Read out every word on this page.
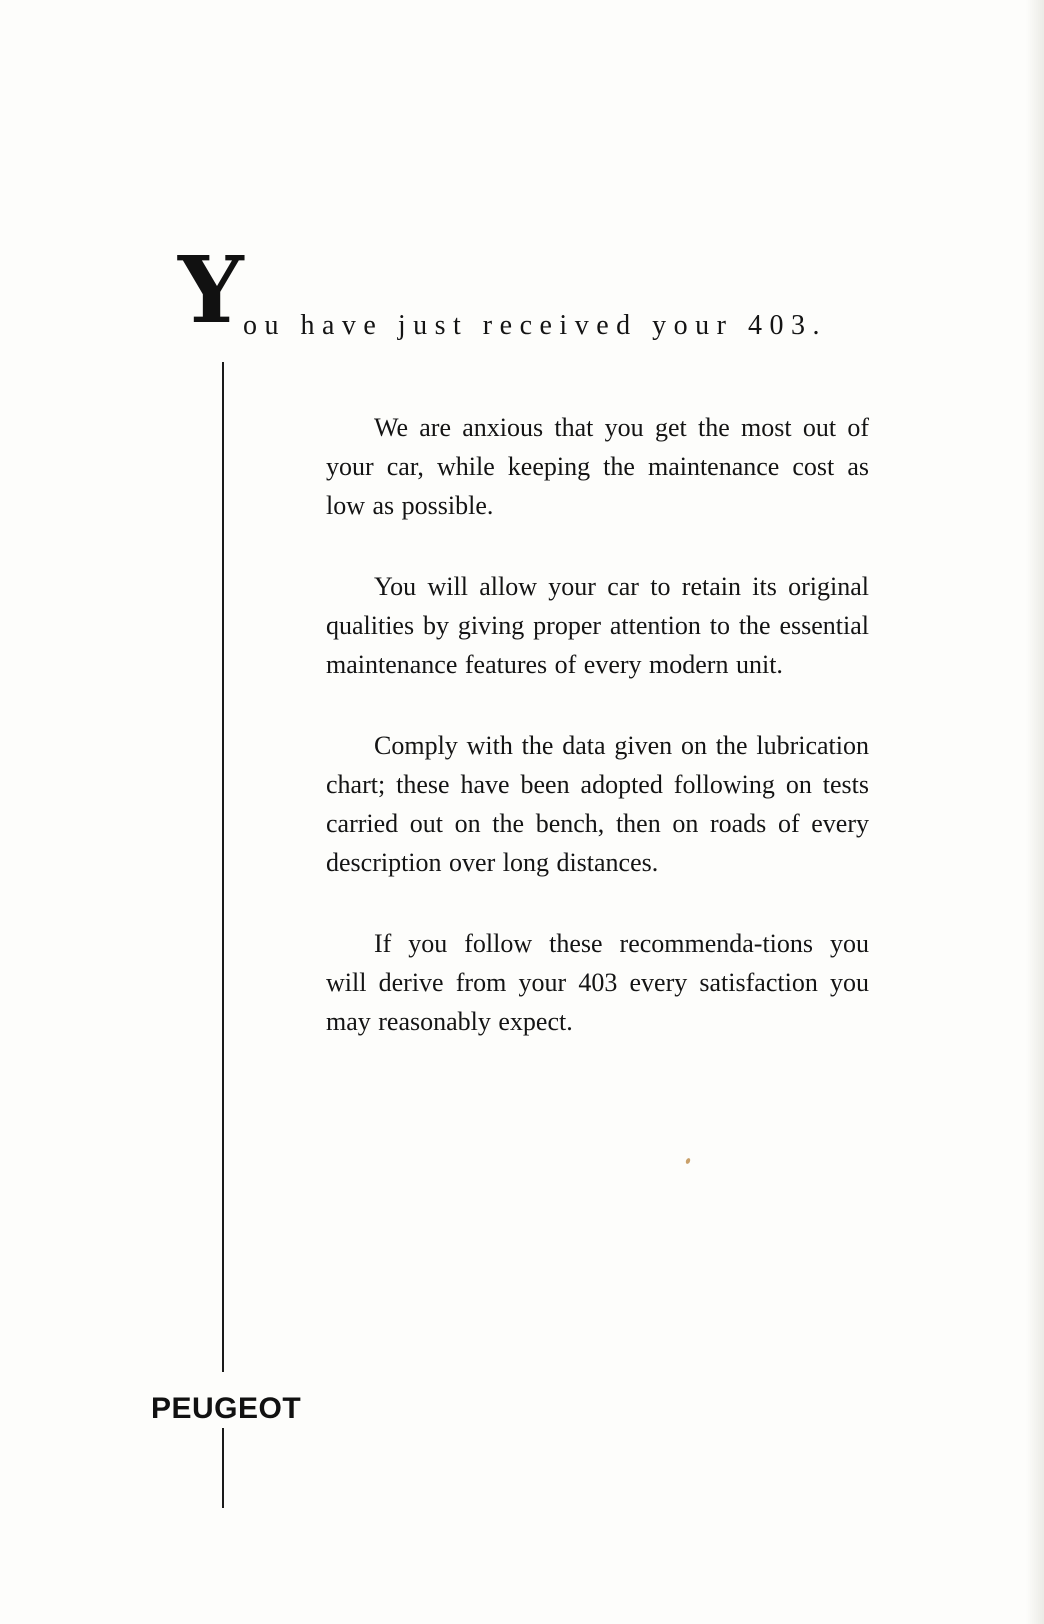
Y ou have just received your 403.

We are anxious that you get the most out of your car, while keeping the maintenance cost as low as possible.

You will allow your car to retain its original qualities by giving proper attention to the essential maintenance features of every modern unit.

Comply with the data given on the lubrication chart; these have been adopted following on tests carried out on the bench, then on roads of every description over long distances.

If you follow these recommenda-tions you will derive from your 403 every satisfaction you may reasonably expect.

PEUGEOT
